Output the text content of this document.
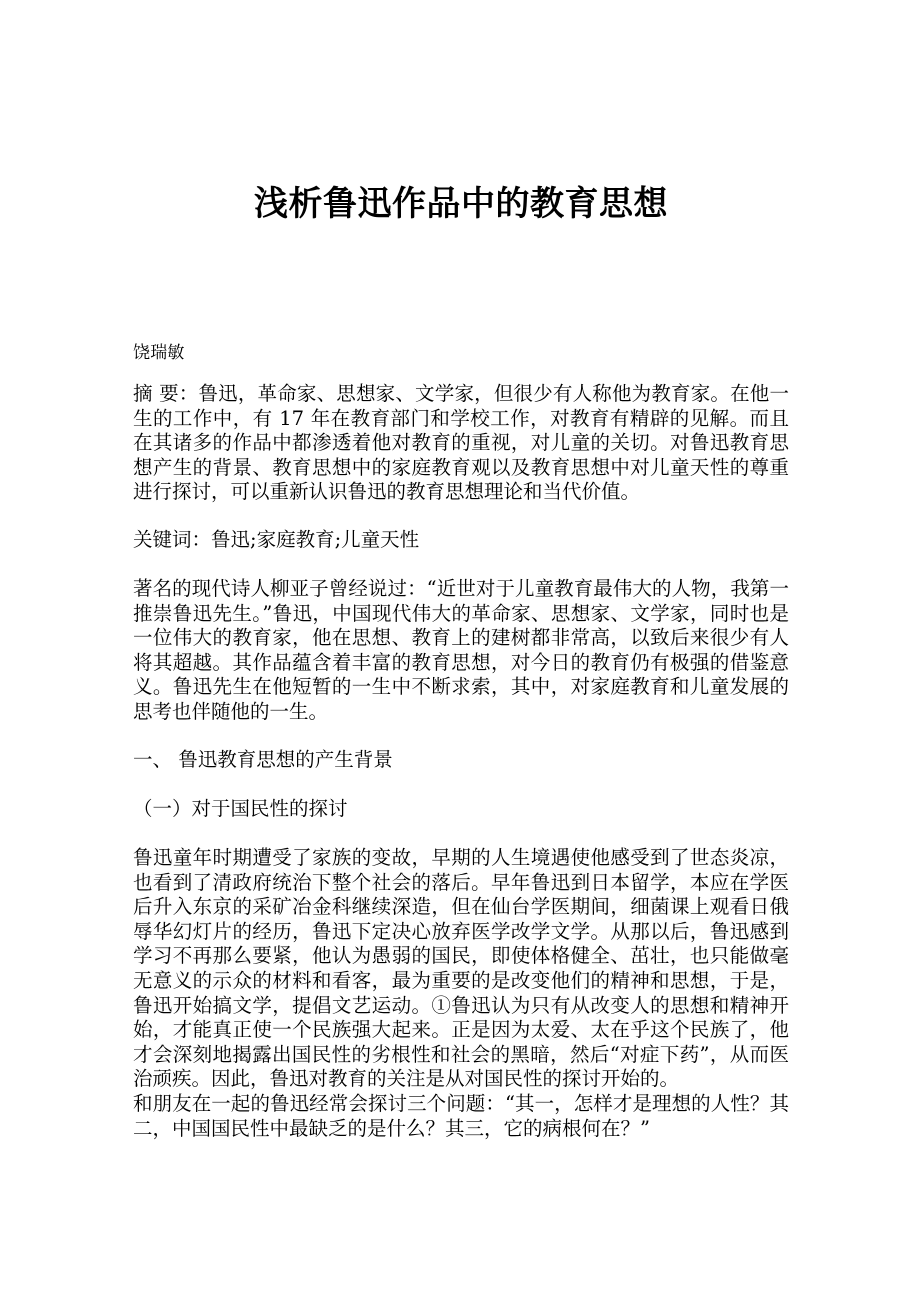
浅析鲁迅作品中的教育思想
饶瑞敏

摘 要：鲁迅，革命家、思想家、文学家，但很少有人称他为教育家。在他一生的工作中，有 17 年在教育部门和学校工作，对教育有精辟的见解。而且在其诸多的作品中都渗透着他对教育的重视，对儿童的关切。对鲁迅教育思想产生的背景、教育思想中的家庭教育观以及教育思想中对儿童天性的尊重进行探讨，可以重新认识鲁迅的教育思想理论和当代价值。

关键词：鲁迅;家庭教育;儿童天性

著名的现代诗人柳亚子曾经说过：“近世对于儿童教育最伟大的人物，我第一推崇鲁迅先生。”鲁迅，中国现代伟大的革命家、思想家、文学家，同时也是一位伟大的教育家，他在思想、教育上的建树都非常高，以致后来很少有人将其超越。其作品蕴含着丰富的教育思想，对今日的教育仍有极强的借鉴意义。鲁迅先生在他短暂的一生中不断求索，其中，对家庭教育和儿童发展的思考也伴随他的一生。

一、 鲁迅教育思想的产生背景
（一）对于国民性的探讨

鲁迅童年时期遭受了家族的变故，早期的人生境遇使他感受到了世态炎凉，也看到了清政府统治下整个社会的落后。早年鲁迅到日本留学，本应在学医后升入东京的采矿冶金科继续深造，但在仙台学医期间，细菌课上观看日俄辱华幻灯片的经历，鲁迅下定决心放弃医学改学文学。从那以后，鲁迅感到学习不再那么要紧，他认为愚弱的国民，即使体格健全、茁壮，也只能做毫无意义的示众的材料和看客，最为重要的是改变他们的精神和思想，于是，鲁迅开始搞文学，提倡文艺运动。①鲁迅认为只有从改变人的思想和精神开始，才能真正使一个民族强大起来。正是因为太爱、太在乎这个民族了，他才会深刻地揭露出国民性的劣根性和社会的黑暗，然后“对症下药”，从而医治顽疾。因此，鲁迅对教育的关注是从对国民性的探讨开始的。

和朋友在一起的鲁迅经常会探讨三个问题：“其一，怎样才是理想的人性？其二，中国国民性中最缺乏的是什么？其三，它的病根何在？”
